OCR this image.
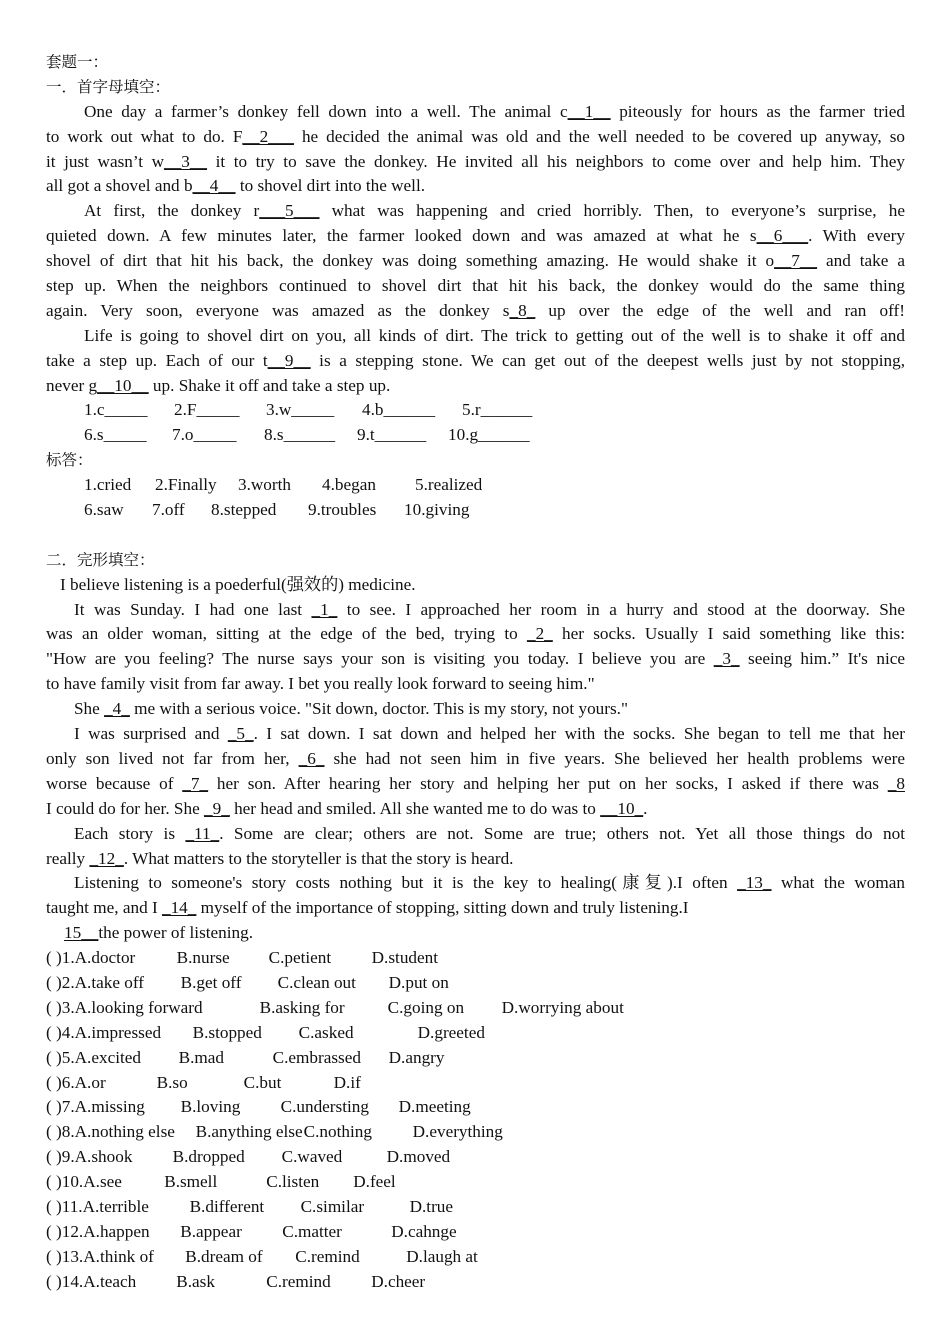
套题一：
一．首字母填空：
One day a farmer’s donkey fell down into a well. The animal c__1__ piteously for hours as the farmer tried
to work out what to do. F__2___ he decided the animal was old and the well needed to be covered up anyway, so
it just wasn’t w__3__ it to try to save the donkey. He invited all his neighbors to come over and help him. They
all got a shovel and b__4__ to shovel dirt into the well.
At first, the donkey r___5___ what was happening and cried horribly. Then, to everyone’s surprise, he
quieted down. A few minutes later, the farmer looked down and was amazed at what he s__6___. With every
shovel of dirt that hit his back, the donkey was doing something amazing. He would shake it o__7__ and take a
step up. When the neighbors continued to shovel dirt that hit his back, the donkey would do the same thing
again. Very soon, everyone was amazed as the donkey s_8_ up over the edge of the well and ran off!
Life is going to shovel dirt on you, all kinds of dirt. The trick to getting out of the well is to shake it off and
take a step up. Each of our t__9__ is a stepping stone. We can get out of the deepest wells just by not stopping,
never g__10__ up. Shake it off and take a step up.
1.c_____ 2.F_____ 3.w_____ 4.b______ 5.r______
6.s_____ 7.o_____ 8.s______ 9.t______ 10.g______
标答：
1.cried 2.Finally 3.worth 4.began 5.realized
6.saw 7.off 8.stepped 9.troubles 10.giving
二．完形填空：
I believe listening is a poederful(强效的) medicine.
It was Sunday. I had one last _1_ to see. I approached her room in a hurry and stood at the doorway. She
was an older woman, sitting at the edge of the bed, trying to _2_ her socks. Usually I said something like this:
"How are you feeling? The nurse says your son is visiting you today. I believe you are _3_ seeing him.” It's nice
to have family visit from far away. I bet you really look forward to seeing him."
She _4_ me with a serious voice. "Sit down, doctor. This is my story, not yours."
I was surprised and _5_. I sat down. I sat down and helped her with the socks. She began to tell me that her
only son lived not far from her, _6_ she had not seen him in five years. She believed her health problems were
worse because of _7_ her son. After hearing her story and helping her put on her socks, I asked if there was _8
I could do for her. She _9_ her head and smiled. All she wanted me to do was to __10_.
Each story is _11_. Some are clear; others are not. Some are true; others not. Yet all those things do not
really _12_. What matters to the storyteller is that the story is heard.
Listening to someone's story costs nothing but it is the key to healing(康复).I often _13_ what the woman
taught me, and I _14_ myself of the importance of stopping, sitting down and truly listening.I
15__the power of listening.
( )1.A.doctor B.nurse C.petient D.student
( )2.A.take off B.get off C.clean out D.put on
( )3.A.looking forward	B.asking for	C.going on D.worrying about
( )4.A.impressed B.stopped C.asked	D.greeted
( )5.A.excited B.mad	C.embrassed D.angry
( )6.A.or	B.so	C.but	D.if
( )7.A.missing B.loving C.understing D.meeting
( )8.A.nothing else B.anything elseC.nothing D.everything
( )9.A.shook B.dropped C.waved	D.moved
( )10.A.see B.smell	C.listen D.feel
( )11.A.terrible B.different C.similar	D.true
( )12.A.happen B.appear C.matter	D.cahnge
( )13.A.think of B.dream of C.remind	D.laugh at
( )14.A.teach B.ask	C.remind D.cheer
